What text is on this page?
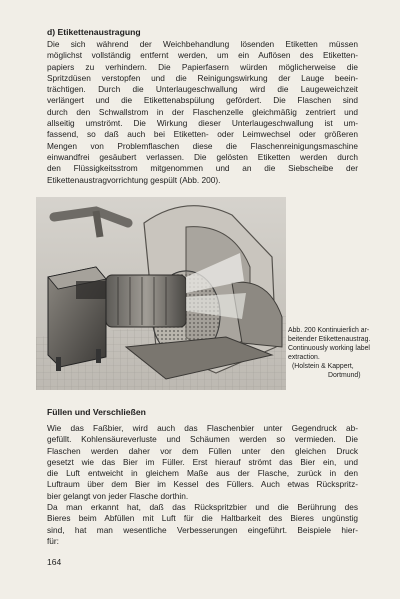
d) Etikettenaustragung
Die sich während der Weichbehandlung lösenden Etiketten müssen
möglichst vollständig entfernt werden, um ein Auflösen des Etiketten-
papiers zu verhindern. Die Papierfasern würden möglicherweise die
Spritzdüsen verstopfen und die Reinigungswirkung der Lauge beein-
trächtigen. Durch die Unterlaugeschwallung wird die Laugeweichzeit
verlängert und die Etikettenabspülung gefördert. Die Flaschen sind
durch den Schwallstrom in der Flaschenzelle gleichmäßig zentriert und
allseitig umströmt. Die Wirkung dieser Unterlaugeschwallung ist um-
fassend, so daß auch bei Etiketten- oder Leimwechsel oder größeren
Mengen von Problemflaschen diese die Flaschenreinigungsmaschine
einwandfrei gesäubert verlassen. Die gelösten Etiketten werden durch
den Flüssigkeitsstrom mitgenommen und an die Siebscheibe der
Etikettenaustragvorrichtung gespült (Abb. 200).
Abb. 200 Kontinuierlich ar-
beitender Etikettenaustrag.
Continuously working label
extraction.
(Holstein & Kappert,
Dortmund)
Füllen und Verschließen
Wie das Faßbier, wird auch das Flaschenbier unter Gegendruck ab-
gefüllt. Kohlensäureverluste und Schäumen werden so vermieden. Die
Flaschen werden daher vor dem Füllen unter den gleichen Druck
gesetzt wie das Bier im Füller. Erst hierauf strömt das Bier ein, und
die Luft entweicht in gleichem Maße aus der Flasche, zurück in den
Luftraum über dem Bier im Kessel des Füllers. Auch etwas Rückspritz-
bier gelangt von jeder Flasche dorthin.
Da man erkannt hat, daß das Rückspritzbier und die Berührung des
Bieres beim Abfüllen mit Luft für die Haltbarkeit des Bieres ungünstig
sind, hat man wesentliche Verbesserungen eingeführt. Beispiele hier-
für:
164
